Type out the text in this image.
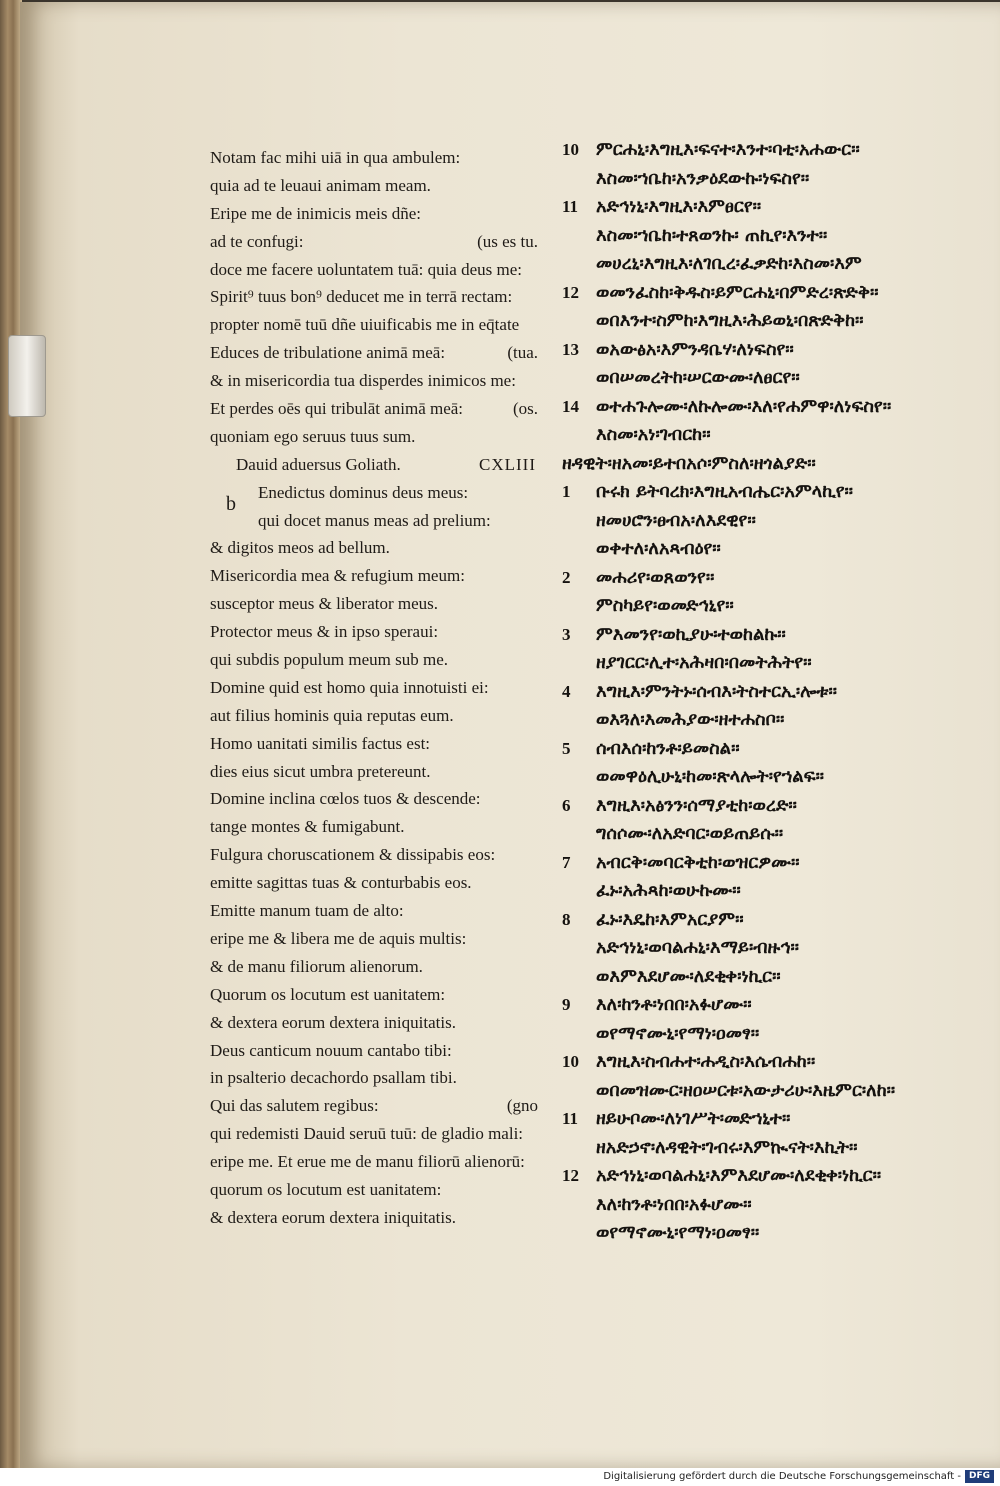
Notam fac mihi uiā in qua ambulem:
quia ad te leuaui animam meam.
Eripe me de inimicis meis dñe:
ad te confugi:	(us es tu.
doce me facere uoluntatem tuā: quia deus me:
Spirit⁹ tuus bon⁹ deducet me in terrā rectam:
propter nomē tuū dñe uiuificabis me in eq̄tate
Educes de tribulatione animā meā:	(tua.
& in misericordia tua disperdes inimicos me:
Et perdes oēs qui tribulāt animā meā:	(os.
quoniam ego seruus tuus sum.
Dauid aduersus Goliath.	CXLIII
Enedictus dominus deus meus:
b
qui docet manus meas ad prelium:
& digitos meos ad bellum.
Misericordia mea & refugium meum:
susceptor meus & liberator meus.
Protector meus & in ipso speraui:
qui subdis populum meum sub me.
Domine quid est homo quia innotuisti ei:
aut filius hominis quia reputas eum.
Homo uanitati similis factus est:
dies eius sicut umbra pretereunt.
Domine inclina cœlos tuos & descende:
tange montes & fumigabunt.
Fulgura choruscationem & dissipabis eos:
emitte sagittas tuas & conturbabis eos.
Emitte manum tuam de alto:
eripe me & libera me de aquis multis:
& de manu filiorum alienorum.
Quorum os locutum est uanitatem:
& dextera eorum dextera iniquitatis.
Deus canticum nouum cantabo tibi:
in psalterio decachordo psallam tibi.
Qui das salutem regibus:	(gno
qui redemisti Dauid seruū tuū: de gladio mali:
eripe me. Et erue me de manu filiorū alienorū:
quorum os locutum est uanitatem:
& dextera eorum dextera iniquitatis.
10 ምርሐኒ፡እግዚእ፡ፍናተ፡እንተ፡ባቲ፡አሐውር፡፡
እስመ፡ኀቤከ፡አንቃዕደውኩ፡ነፍስየ፡፡
11 አድኅነኒ፡እግዚእ፡እምፀርየ፡፡
እስመ፡ኀቤከ፡ተጸወንኩ፡ ጠኪየ፡እንተ፡፡
መሀረኒ፡እግዚእ፡ለገቢረ፡ፈቃድከ፡እስመ፡እም
12 ወመንፈስከ፡ቅዱስ፡ይምርሐኒ፡በምድረ፡ጽድቅ፡፡
ወበእንተ፡ስምከ፡እግዚእ፡ሕይወኒ፡በጽድቅከ፡፡
13 ወአውፅአ፡እምንዳቤሃ፡ለነፍስየ፡፡
ወበሠመረትከ፡ሠርውሙ፡ለፀርየ፡፡
14 ወተሐጉሎሙ፡ለኩሎሙ፡እለ፡የሐምዋ፡ለነፍስየ፡፡
እስመ፡አነ፡ገብርከ፡፡
ዘዳዊት፡ዘአመ፡ይተበአሶ፡ምስለ፡ዘጎልያድ፡፡
1 ቡሩክ ይትባረክ፡እግዚአብሔር፡አምላኪየ፡፡
ዘመሀሮን፡ፀብአ፡ለእደዊየ፡፡
ወቀተለ፡ለአጻብዕየ፡፡
2 መሐሪየ፡ወጸወንየ፡፡
ምስካይየ፡ወመድኅኒየ፡፡
3 ምእመንየ፡ወኪያሁ፡ተወከልኩ፡፡
ዘያገርር፡ሊተ፡አሕዛበ፡በመትሕትየ፡፡
4 እግዚእ፡ምንትኑ፡ሰብእ፡ትስተርኢ፡ሎቱ፡፡
ወእጓለ፡እመሕያው፡ዘተሐስቦ፡፡
5 ሰብእሰ፡ከንቶ፡ይመስል፡፡
ወመዋዕሊሁኒ፡ከመ፡ጽላሎት፡የኀልፍ፡፡
6 እግዚእ፡አፅንን፡ሰማያቲከ፡ወረድ፡፡
ግሰሶሙ፡ለአድባር፡ወይጠይሱ፡፡
7 አብርቅ፡መባርቅቲከ፡ወዝርዎሙ፡፡
ፈኑ፡አሕጻከ፡ወሁኩሙ፡፡
8 ፈኑ፡እዴከ፡እምአርያም፡፡
አድኅነኒ፡ወባልሐኒ፡እማይ፡ብዙኅ፡፡
ወእምእደሆሙ፡ለደቂቀ፡ነኪር፡፡
9 እለ፡ከንቶ፡ነበበ፡አፉሆሙ፡፡
ወየማኖሙኒ፡የማነ፡ዐመፃ፡፡
10 እግዚእ፡ስብሐተ፡ሐዲስ፡እሴብሐከ፡፡
ወበመዝሙር፡ዘዐሠርቱ፡አውታሪሁ፡እዜምር፡ለከ፡፡
11 ዘይሁቦሙ፡ለነገሥት፡መድኀኒተ፡፡
ዘአድኃኖ፡ለዳዊት፡ገብሩ፡እምኲናት፡እኪት፡፡
12 አድኅነኒ፡ወባልሐኒ፡እምእደሆሙ፡ለደቂቀ፡ነኪር፡፡
እለ፡ከንቶ፡ነበበ፡አፉሆሙ፡፡
ወየማኖሙኒ፡የማነ፡ዐመፃ፡፡
Digitalisierung gefördert durch die Deutsche Forschungsgemeinschaft - DFG
